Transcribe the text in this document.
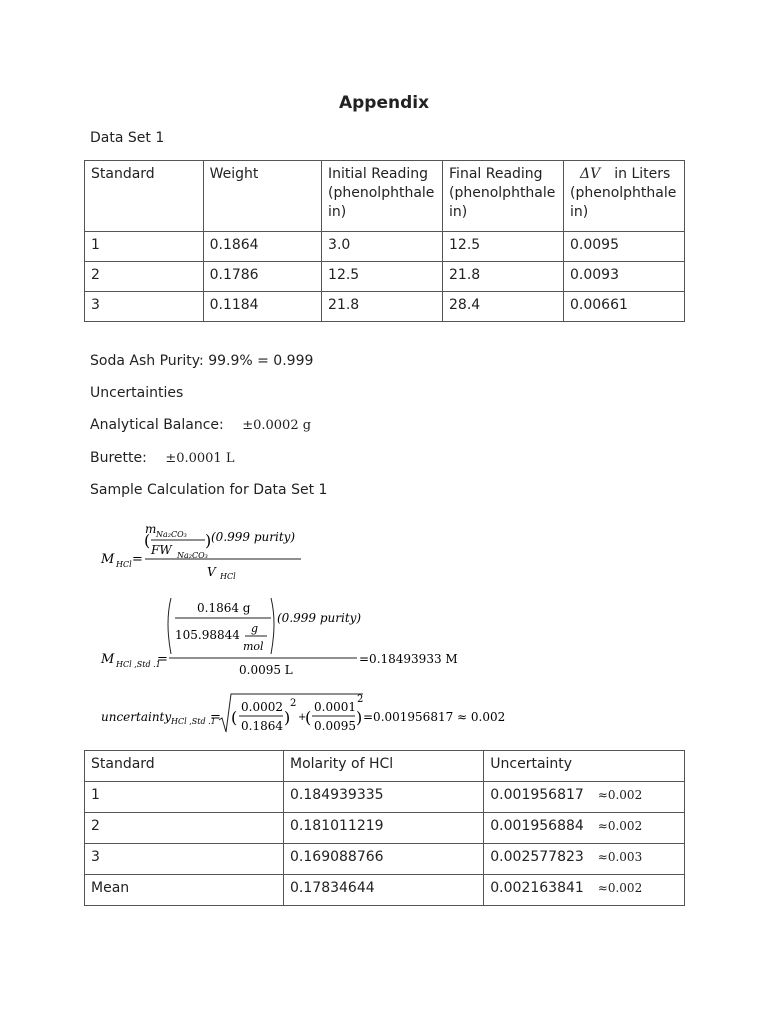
Appendix
Data Set 1
Standard	Weight	Initial Reading (phenolphthale in)	Final Reading (phenolphthale in)	ΔV in Liters (phenolphthale in)
1	0.1864	3.0	12.5	0.0095
2	0.1786	12.5	21.8	0.0093
3	0.1184	21.8	28.4	0.00661
Soda Ash Purity: 99.9% = 0.999
Uncertainties
Analytical Balance: ±0.0002 g
Burette: ±0.0001 L
Sample Calculation for Data Set 1
m Na₂CO₃
(	)
FW Na₂CO₃
(0.999 purity)
M HCl =
V HCl
0.1864 g
105.98844 g
mol
(0.999 purity)
M HCl ,Std .1
=
0.0095 L
=0.18493933 M
uncertainty HCl ,Std .1
= (
0.0002
0.1864 )
2
+
(
0.0001
0.0095 )
2
=0.001956817 ≈ 0.002
Standard	Molarity of HCl	Uncertainty
1	0.184939335	0.001956817 ≈0.002
2	0.181011219	0.001956884 ≈0.002
3	0.169088766	0.002577823 ≈0.003
Mean	0.17834644	0.002163841 ≈0.002
